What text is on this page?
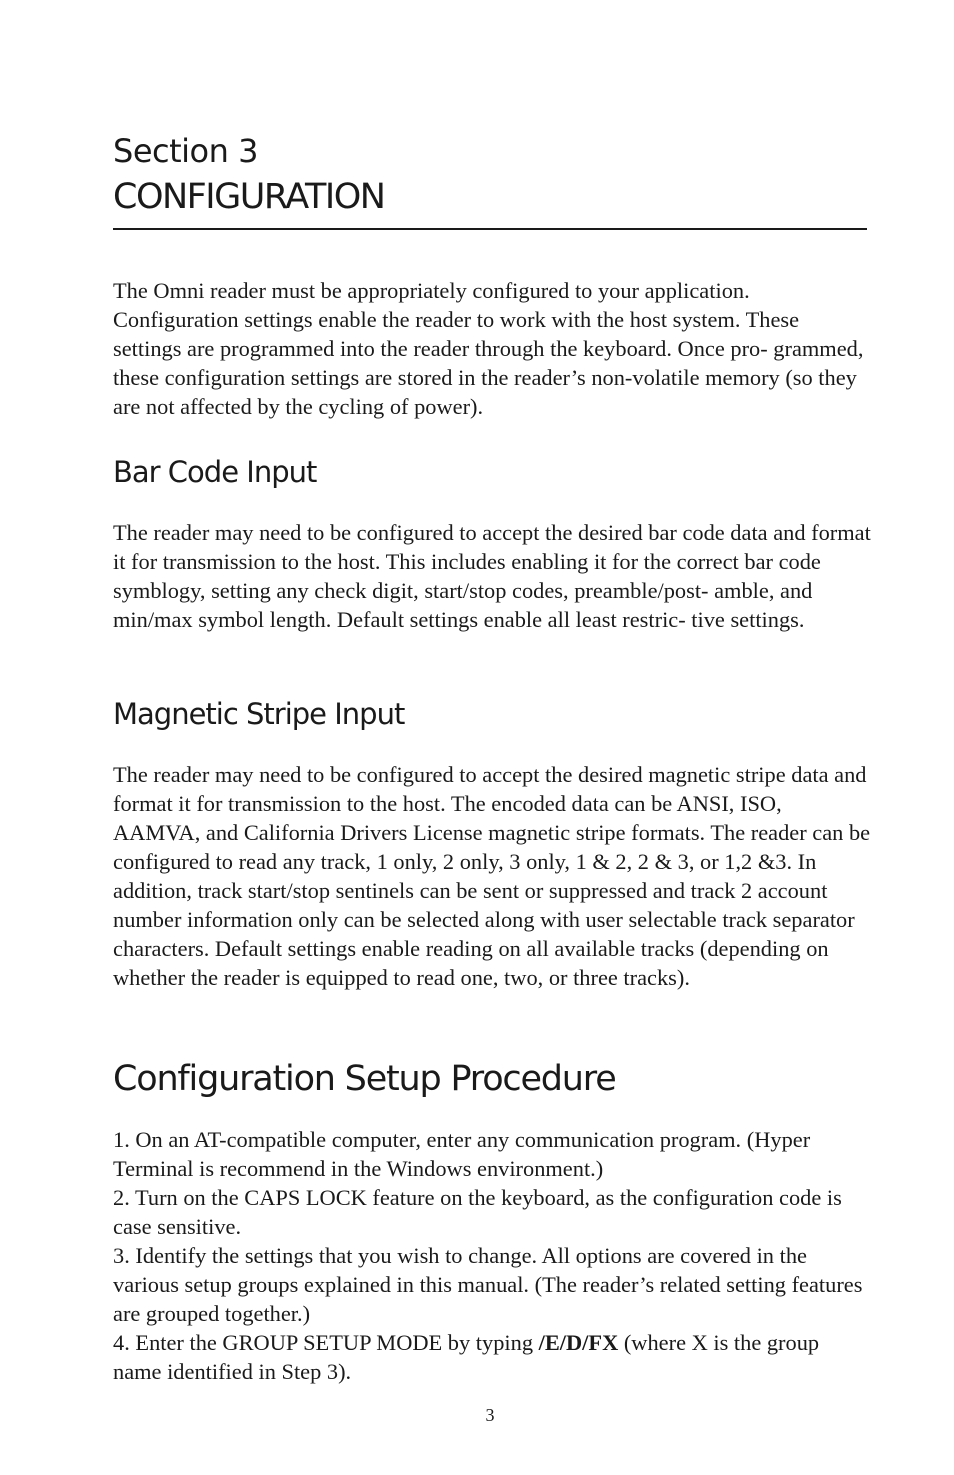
Section 3
CONFIGURATION

The Omni reader must be appropriately configured to your application. Configuration settings enable the reader to work with the host system. These settings are programmed into the reader through the keyboard. Once pro- grammed, these configuration settings are stored in the reader’s non-volatile memory (so they are not affected by the cycling of power).

Bar Code Input

The reader may need to be configured to accept the desired bar code data and format it for transmission to the host. This includes enabling it for the correct bar code symblogy, setting any check digit, start/stop codes, preamble/post- amble, and min/max symbol length. Default settings enable all least restric- tive settings.

Magnetic Stripe Input

The reader may need to be configured to accept the desired magnetic stripe data and format it for transmission to the host. The encoded data can be ANSI, ISO, AAMVA, and California Drivers License magnetic stripe formats. The reader can be configured to read any track, 1 only, 2 only, 3 only, 1 & 2, 2 & 3, or 1,2 &3. In addition, track start/stop sentinels can be sent or suppressed and track 2 account number information only can be selected along with user selectable track separator characters. Default settings enable reading on all available tracks (depending on whether the reader is equipped to read one, two, or three tracks).

Configuration Setup Procedure
1. On an AT-compatible computer, enter any communication program. (Hyper Terminal is recommend in the Windows environment.)
2. Turn on the CAPS LOCK feature on the keyboard, as the configuration code is case sensitive.
3. Identify the settings that you wish to change. All options are covered in the various setup groups explained in this manual. (The reader’s related setting features are grouped together.)
4. Enter the GROUP SETUP MODE by typing /E/D/FX (where X is the group name identified in Step 3).
3
